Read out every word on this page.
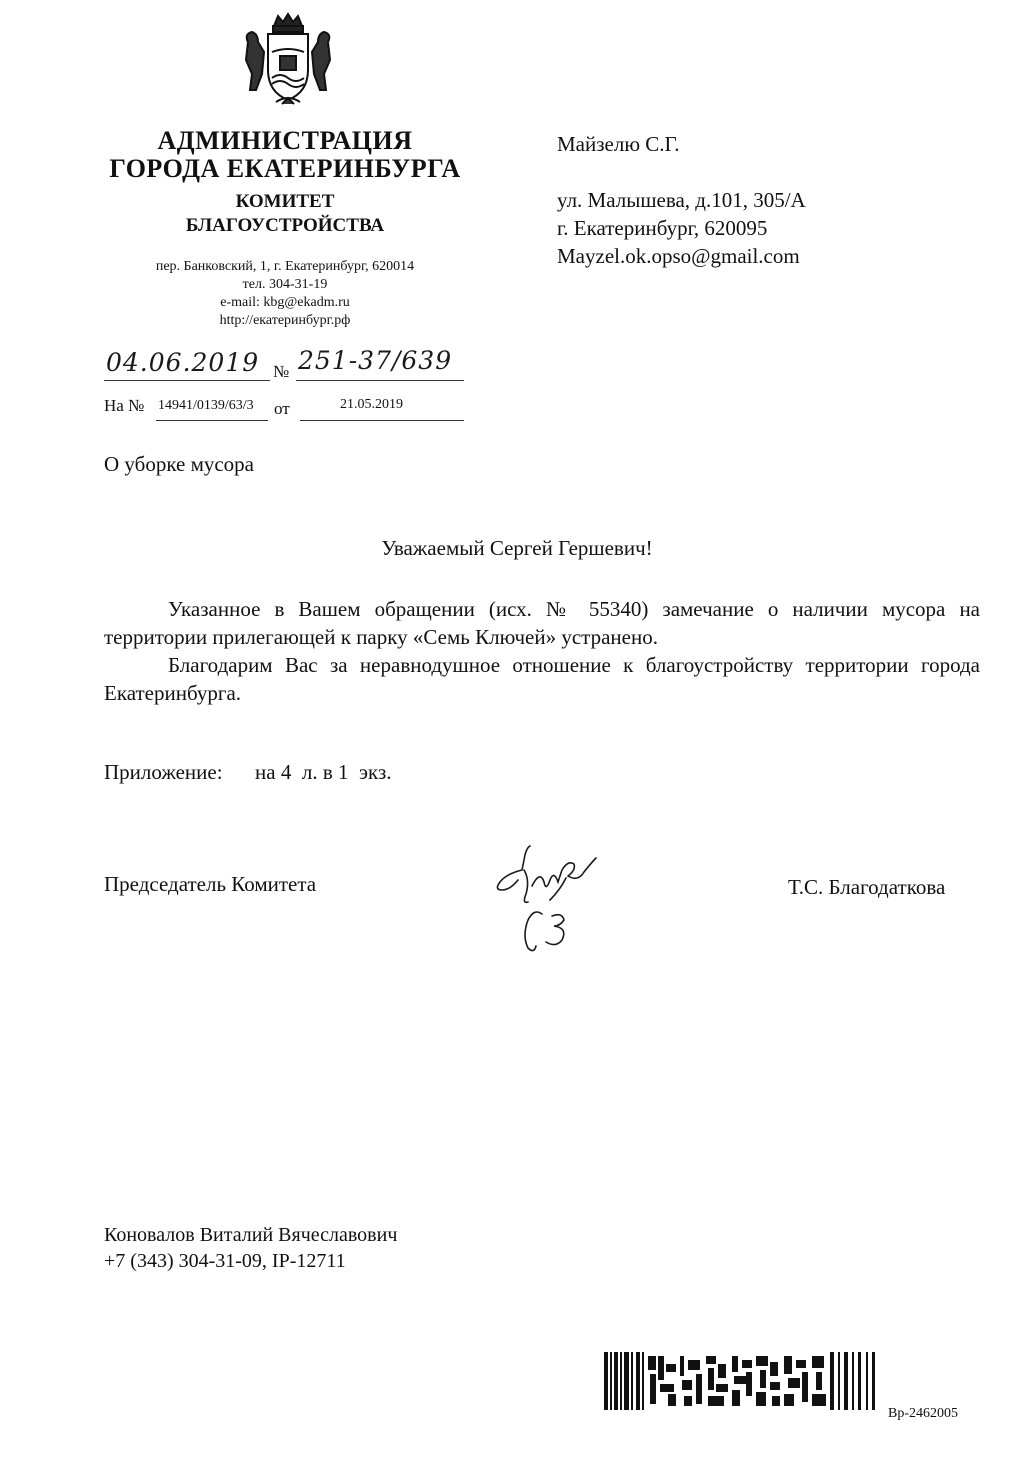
АДМИНИСТРАЦИЯ
ГОРОДА ЕКАТЕРИНБУРГА
КОМИТЕТ
БЛАГОУСТРОЙСТВА
пер. Банковский, 1, г. Екатеринбург, 620014
тел. 304-31-19
e-mail: kbg@ekadm.ru
http://екатеринбург.рф
Майзелю С.Г.
ул. Малышева, д.101, 305/А
г. Екатеринбург, 620095
Mayzel.ok.opso@gmail.com
04.06.2019 № 251-37/639
На № 14941/0139/63/3	от	21.05.2019
О уборке мусора
Уважаемый Сергей Гершевич!
Указанное в Вашем обращении (исх. № 55340) замечание о наличии мусора на территории прилегающей к парку «Семь Ключей» устранено.
Благодарим Вас за неравнодушное отношение к благоустройству территории города Екатеринбурга.
Приложение: на 4  л. в 1  экз.
Председатель Комитета	Т.С. Благодаткова
Коновалов Виталий Вячеславович
+7 (343) 304-31-09, IP-12711
Вр-2462005
